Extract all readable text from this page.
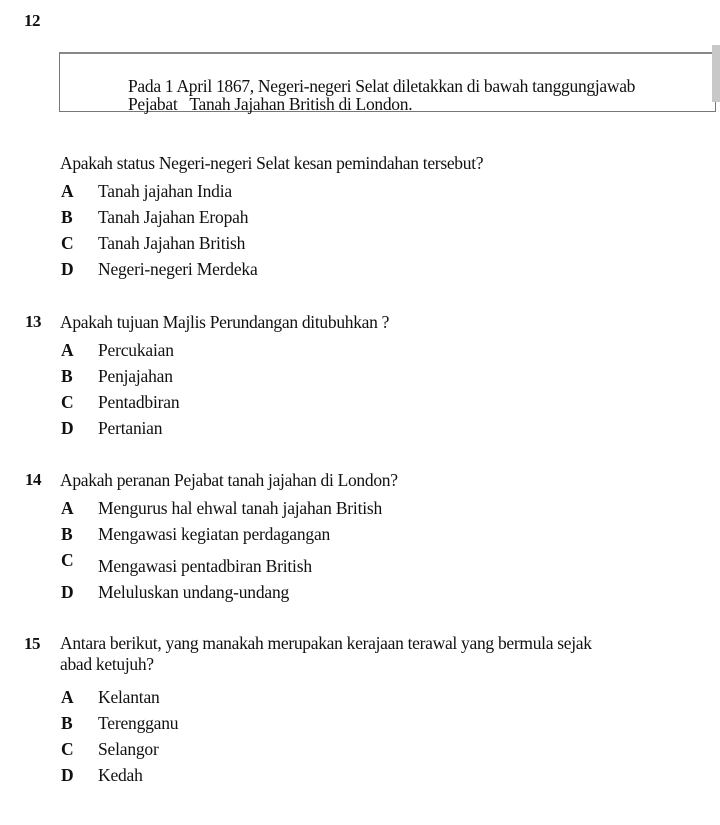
12
Pada 1 April 1867, Negeri-negeri Selat diletakkan di bawah tanggungjawab
Pejabat   Tanah Jajahan British di London.
Apakah status Negeri-negeri Selat kesan pemindahan tersebut?
A Tanah jajahan India
B Tanah Jajahan Eropah
C Tanah Jajahan British
D Negeri-negeri Merdeka
13 Apakah tujuan Majlis Perundangan ditubuhkan ?
A Percukaian
B Penjajahan
C Pentadbiran
D Pertanian
14 Apakah peranan Pejabat tanah jajahan di London?
A Mengurus hal ehwal tanah jajahan British
B Mengawasi kegiatan perdagangan
C Mengawasi pentadbiran British
D Meluluskan undang-undang
15 Antara berikut, yang manakah merupakan kerajaan terawal yang bermula sejak
abad ketujuh?
A Kelantan
B Terengganu
C Selangor
D Kedah
